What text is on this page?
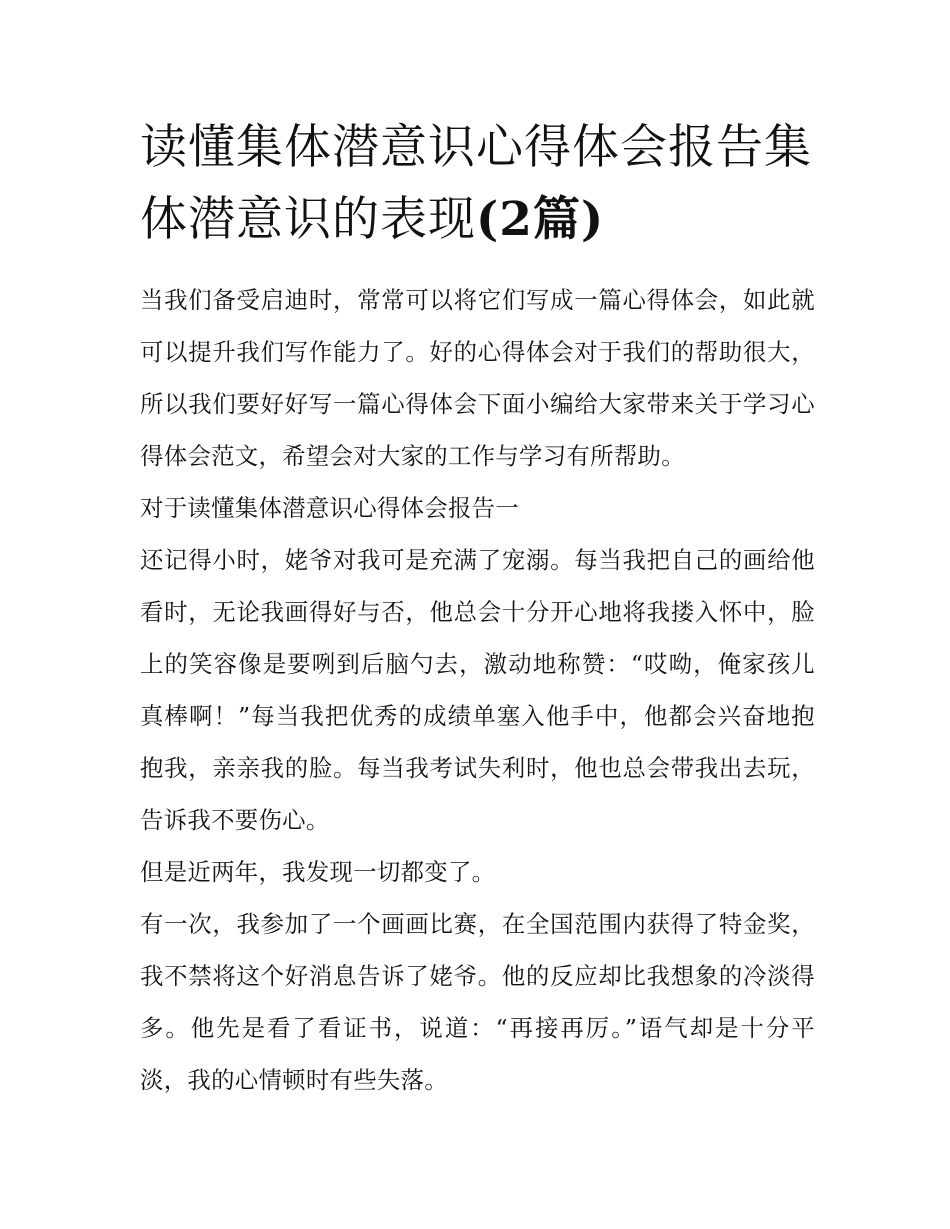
读懂集体潜意识心得体会报告集体潜意识的表现(2篇)

当我们备受启迪时，常常可以将它们写成一篇心得体会，如此就可以提升我们写作能力了。好的心得体会对于我们的帮助很大，所以我们要好好写一篇心得体会下面小编给大家带来关于学习心得体会范文，希望会对大家的工作与学习有所帮助。

对于读懂集体潜意识心得体会报告一

还记得小时，姥爷对我可是充满了宠溺。每当我把自己的画给他看时，无论我画得好与否，他总会十分开心地将我搂入怀中，脸上的笑容像是要咧到后脑勺去，激动地称赞：“哎呦，俺家孩儿真棒啊！”每当我把优秀的成绩单塞入他手中，他都会兴奋地抱抱我，亲亲我的脸。每当我考试失利时，他也总会带我出去玩，告诉我不要伤心。

但是近两年，我发现一切都变了。

有一次，我参加了一个画画比赛，在全国范围内获得了特金奖，我不禁将这个好消息告诉了姥爷。他的反应却比我想象的冷淡得多。他先是看了看证书，说道：“再接再厉。”语气却是十分平淡，我的心情顿时有些失落。
